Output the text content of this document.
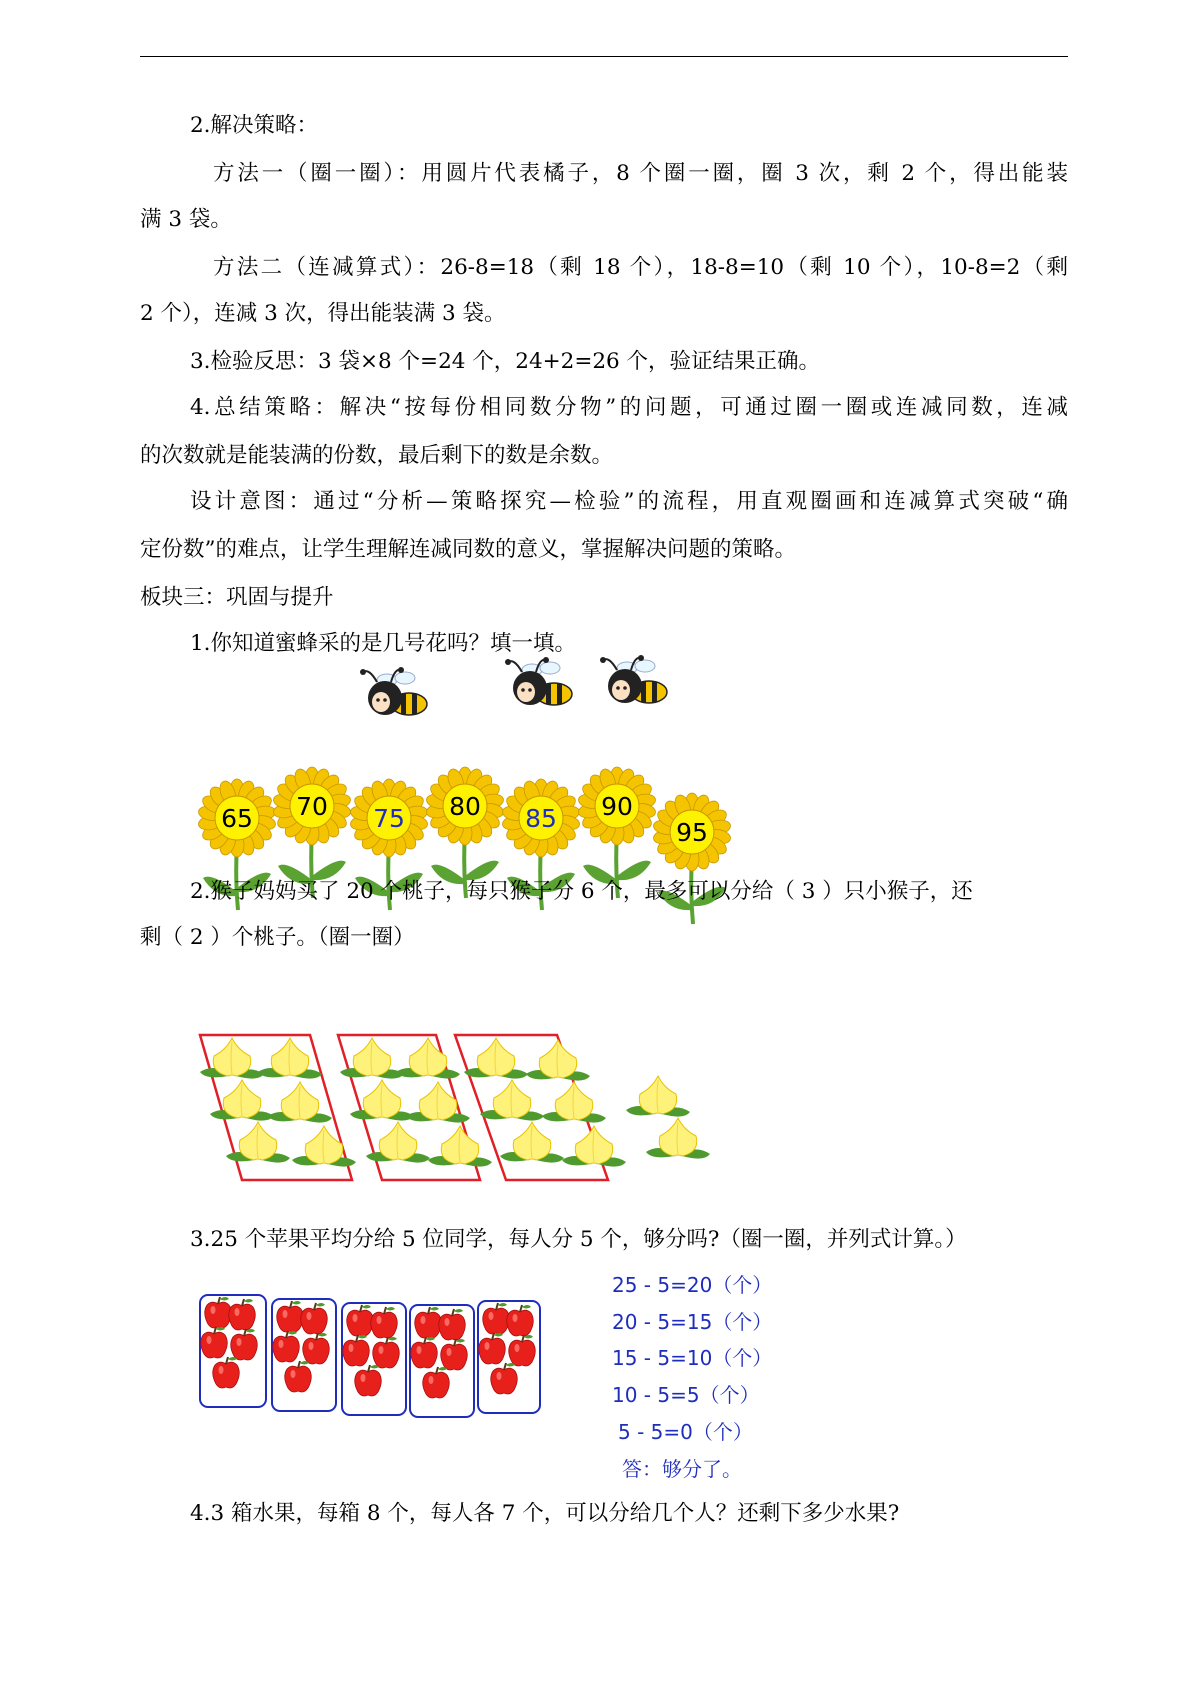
2.解决策略：

方法一（圈一圈）：用圆片代表橘子，8 个圈一圈，圈 3 次，剩 2 个，得出能装

满 3 袋。

方法二（连减算式）：26-8=18（剩 18 个），18-8=10（剩 10 个），10-8=2（剩

2 个），连减 3 次，得出能装满 3 袋。

3.检验反思：3 袋×8 个=24 个，24+2=26 个，验证结果正确。

4.总结策略：解决“按每份相同数分物”的问题，可通过圈一圈或连减同数，连减

的次数就是能装满的份数，最后剩下的数是余数。

设计意图：通过“分析—策略探究—检验”的流程，用直观圈画和连减算式突破“确

定份数”的难点，让学生理解连减同数的意义，掌握解决问题的策略。

板块三：巩固与提升

1.你知道蜜蜂采的是几号花吗？填一填。

65 70 75 80 85 90
95

2.猴子妈妈买了 20 个桃子，每只猴子分 6 个，最多可以分给（ 3 ）只小猴子，还

剩（ 2 ）个桃子。（圈一圈）

3.25 个苹果平均分给 5 位同学，每人分 5 个，够分吗?（圈一圈，并列式计算。）

25 - 5=20（个）
20 - 5=15（个）
15 - 5=10（个）
10 - 5=5（个）
5 - 5=0（个）
答：够分了。

4.3 箱水果，每箱 8 个，每人各 7 个，可以分给几个人？还剩下多少水果?
